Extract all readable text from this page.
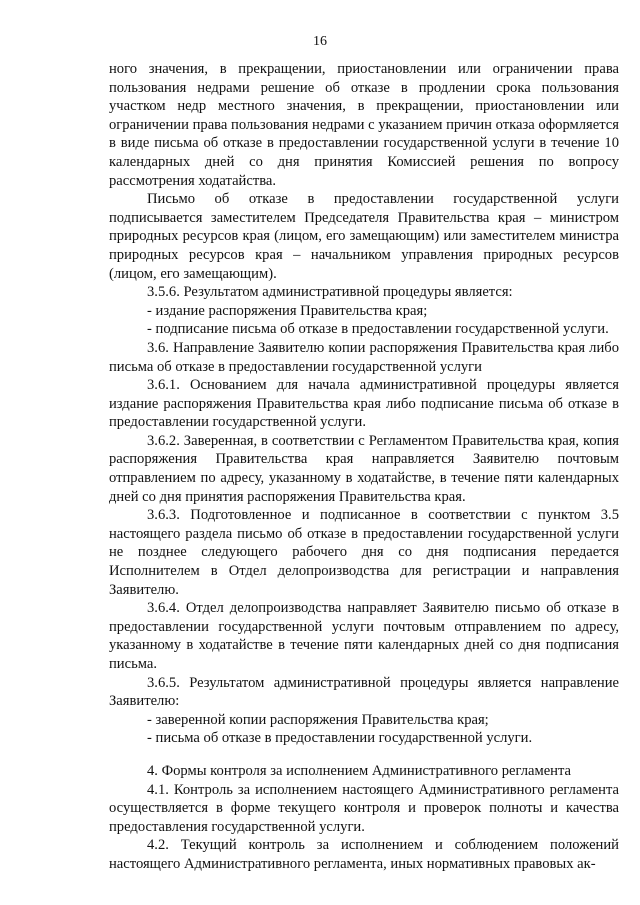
16

ного значения, в прекращении, приостановлении или ограничении права пользования недрами решение об отказе в продлении срока пользования участком недр местного значения, в прекращении, приостановлении или ограничении права пользования недрами с указанием причин отказа оформляется в виде письма об отказе в предоставлении государственной услуги в течение 10 календарных дней со дня принятия Комиссией решения по вопросу рассмотрения ходатайства.

Письмо об отказе в предоставлении государственной услуги подписывается заместителем Председателя Правительства края – министром природных ресурсов края (лицом, его замещающим) или заместителем министра природных ресурсов края – начальником управления природных ресурсов (лицом, его замещающим).

3.5.6. Результатом административной процедуры является:

- издание распоряжения Правительства края;

- подписание письма об отказе в предоставлении государственной услуги.

3.6. Направление Заявителю копии распоряжения Правительства края либо письма об отказе в предоставлении государственной услуги

3.6.1. Основанием для начала административной процедуры является издание распоряжения Правительства края либо подписание письма об отказе в предоставлении государственной услуги.

3.6.2. Заверенная, в соответствии с Регламентом Правительства края, копия распоряжения Правительства края направляется Заявителю почтовым отправлением по адресу, указанному в ходатайстве, в течение пяти календарных дней со дня принятия распоряжения Правительства края.

3.6.3. Подготовленное и подписанное в соответствии с пунктом 3.5 настоящего раздела письмо об отказе в предоставлении государственной услуги не позднее следующего рабочего дня со дня подписания передается Исполнителем в Отдел делопроизводства для регистрации и направления Заявителю.

3.6.4. Отдел делопроизводства направляет Заявителю письмо об отказе в предоставлении государственной услуги почтовым отправлением по адресу, указанному в ходатайстве в течение пяти календарных дней со дня подписания письма.

3.6.5. Результатом административной процедуры является направление Заявителю:

- заверенной копии распоряжения Правительства края;

- письма об отказе в предоставлении государственной услуги.

4. Формы контроля за исполнением Административного регламента

4.1. Контроль за исполнением настоящего Административного регламента осуществляется в форме текущего контроля и проверок полноты и качества предоставления государственной услуги.

4.2. Текущий контроль за исполнением и соблюдением положений настоящего Административного регламента, иных нормативных правовых ак-
